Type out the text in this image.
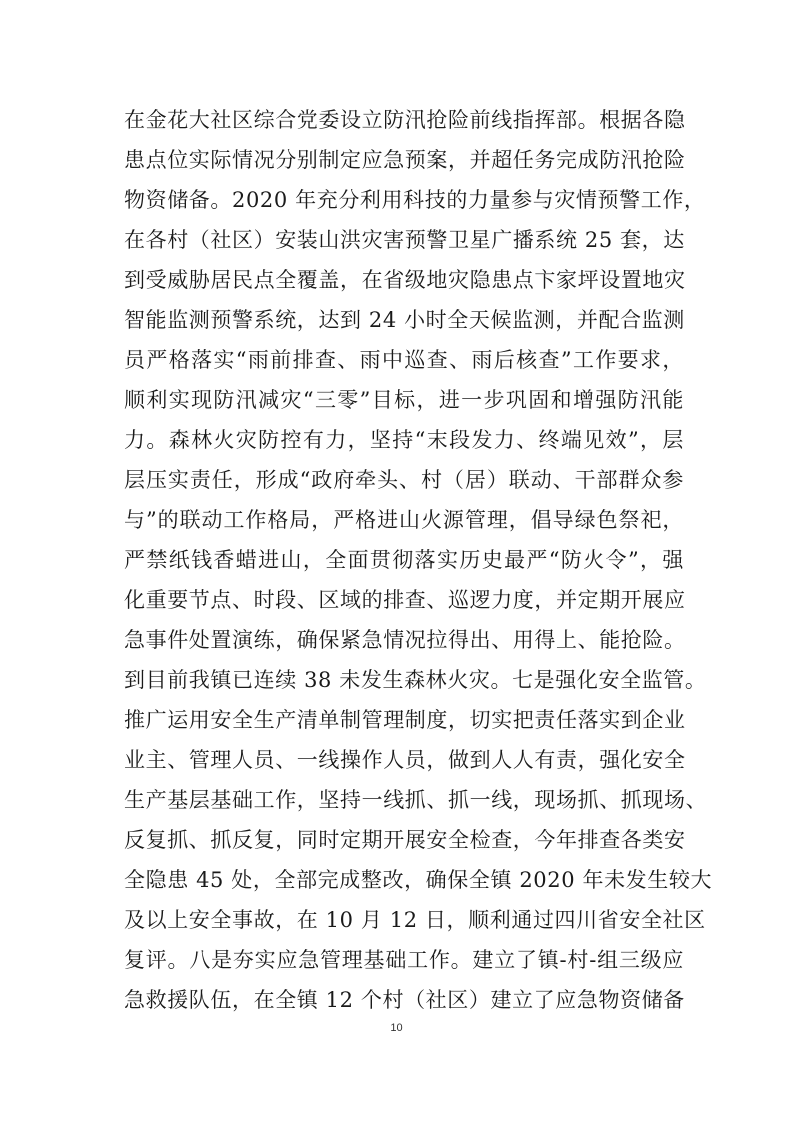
在金花大社区综合党委设立防汛抢险前线指挥部。根据各隐
患点位实际情况分别制定应急预案，并超任务完成防汛抢险
物资储备。2020 年充分利用科技的力量参与灾情预警工作，
在各村（社区）安装山洪灾害预警卫星广播系统 25 套，达
到受威胁居民点全覆盖，在省级地灾隐患点卞家坪设置地灾
智能监测预警系统，达到 24 小时全天候监测，并配合监测
员严格落实“雨前排查、雨中巡查、雨后核查”工作要求，
顺利实现防汛减灾“三零”目标，进一步巩固和增强防汛能
力。森林火灾防控有力，坚持“末段发力、终端见效”，层
层压实责任，形成“政府牵头、村（居）联动、干部群众参
与”的联动工作格局，严格进山火源管理，倡导绿色祭祀，
严禁纸钱香蜡进山，全面贯彻落实历史最严“防火令”，强
化重要节点、时段、区域的排查、巡逻力度，并定期开展应
急事件处置演练，确保紧急情况拉得出、用得上、能抢险。
到目前我镇已连续 38 未发生森林火灾。七是强化安全监管。
推广运用安全生产清单制管理制度，切实把责任落实到企业
业主、管理人员、一线操作人员，做到人人有责，强化安全
生产基层基础工作，坚持一线抓、抓一线，现场抓、抓现场、
反复抓、抓反复，同时定期开展安全检查，今年排查各类安
全隐患 45 处，全部完成整改，确保全镇 2020 年未发生较大
及以上安全事故，在 10 月 12 日，顺利通过四川省安全社区
复评。八是夯实应急管理基础工作。建立了镇-村-组三级应
急救援队伍，在全镇 12 个村（社区）建立了应急物资储备
10
